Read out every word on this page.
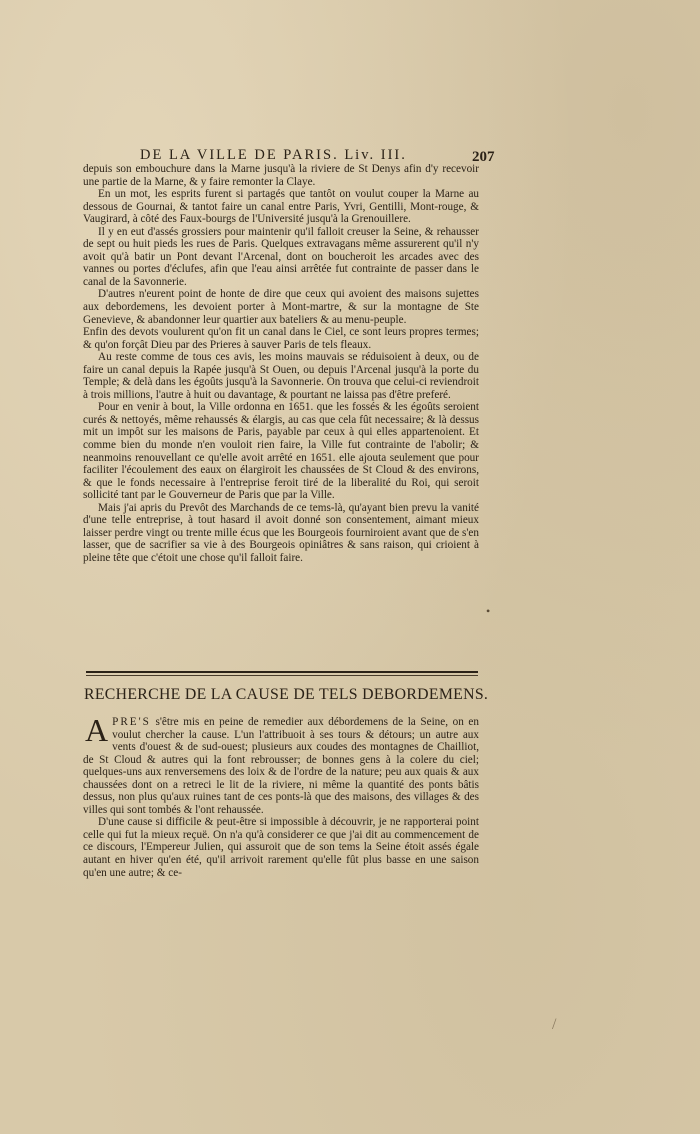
DE LA VILLE DE PARIS. Liv. III.	207

depuis son embouchure dans la Marne jusqu'à la riviere de St Denys afin d'y recevoir une partie de la Marne, & y faire remonter la Claye.

En un mot, les esprits furent si partagés que tantôt on voulut couper la Marne au dessous de Gournai, & tantot faire un canal entre Paris, Yvri, Gentilli, Mont-rouge, & Vaugirard, à côté des Faux-bourgs de l'Université jusqu'à la Grenouillere.

Il y en eut d'assés grossiers pour maintenir qu'il falloit creuser la Seine, & rehausser de sept ou huit pieds les rues de Paris. Quelques extravagans même assurerent qu'il n'y avoit qu'à batir un Pont devant l'Arcenal, dont on boucheroit les arcades avec des vannes ou portes d'éclufes, afin que l'eau ainsi arrêtée fut contrainte de passer dans le canal de la Savonnerie.

D'autres n'eurent point de honte de dire que ceux qui avoient des maisons sujettes aux debordemens, les devoient porter à Mont-martre, & sur la montagne de Ste Genevieve, & abandonner leur quartier aux bateliers & au menu-peuple.

Enfin des devots voulurent qu'on fit un canal dans le Ciel, ce sont leurs propres termes; & qu'on forçât Dieu par des Prieres à sauver Paris de tels fleaux.

Au reste comme de tous ces avis, les moins mauvais se réduisoient à deux, ou de faire un canal depuis la Rapée jusqu'à St Ouen, ou depuis l'Arcenal jusqu'à la porte du Temple; & delà dans les égoûts jusqu'à la Savonnerie. On trouva que celui-ci reviendroit à trois millions, l'autre à huit ou davantage, & pourtant ne laissa pas d'être preferé.

Pour en venir à bout, la Ville ordonna en 1651. que les fossés & les égoûts seroient curés & nettoyés, même rehaussés & élargis, au cas que cela fût necessaire; & là dessus mit un impôt sur les maisons de Paris, payable par ceux à qui elles appartenoient. Et comme bien du monde n'en vouloit rien faire, la Ville fut contrainte de l'abolir; & neanmoins renouvellant ce qu'elle avoit arrêté en 1651. elle ajouta seulement que pour faciliter l'écoulement des eaux on élargiroit les chaussées de St Cloud & des environs, & que le fonds necessaire à l'entreprise feroit tiré de la liberalité du Roi, qui seroit sollicité tant par le Gouverneur de Paris que par la Ville.

Mais j'ai apris du Prevôt des Marchands de ce tems-là, qu'ayant bien prevu la vanité d'une telle entreprise, à tout hasard il avoit donné son consentement, aimant mieux laisser perdre vingt ou trente mille écus que les Bourgeois fourniroient avant que de s'en lasser, que de sacrifier sa vie à des Bourgeois opiniâtres & sans raison, qui crioient à pleine tête que c'étoit une chose qu'il falloit faire.

RECHERCHE DE LA CAUSE DE TELS DEBORDEMENS.

APRE'S s'être mis en peine de remedier aux débordemens de la Seine, on en voulut chercher la cause. L'un l'attribuoit à ses tours & détours; un autre aux vents d'ouest & de sud-ouest; plusieurs aux coudes des montagnes de Chailliot, de St Cloud & autres qui la font rebrousser; de bonnes gens à la colere du ciel; quelques-uns aux renversemens des loix & de l'ordre de la nature; peu aux quais & aux chaussées dont on a retreci le lit de la riviere, ni même la quantité des ponts bâtis dessus, non plus qu'aux ruines tant de ces ponts-là que des maisons, des villages & des villes qui sont tombés & l'ont rehaussée.

D'une cause si difficile & peut-être si impossible à découvrir, je ne rapporterai point celle qui fut la mieux reçuë. On n'a qu'à considerer ce que j'ai dit au commencement de ce discours, l'Empereur Julien, qui assuroit que de son tems la Seine étoit assés égale autant en hiver qu'en été, qu'il arrivoit rarement qu'elle fût plus basse en une saison qu'en une autre; & ce-

•
/
